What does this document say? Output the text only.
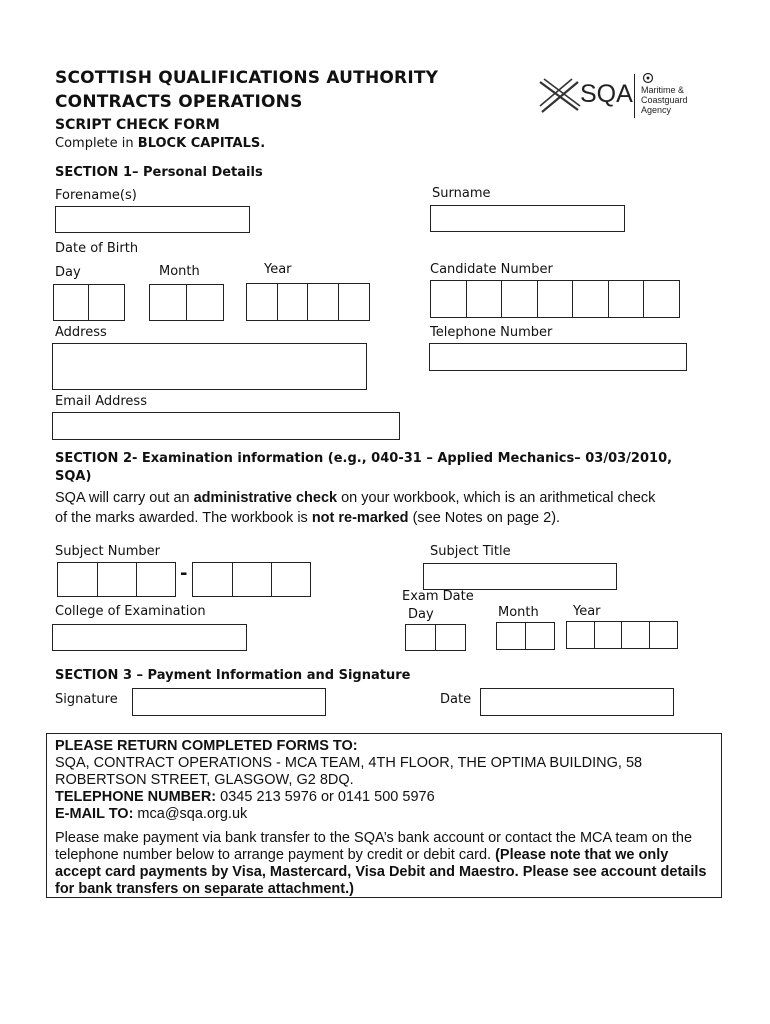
SCOTTISH QUALIFICATIONS AUTHORITY
CONTRACTS OPERATIONS
SCRIPT CHECK FORM
Complete in BLOCK CAPITALS.
SQA Maritime &
Coastguard
Agency
SECTION 1– Personal Details
Forename(s)	Surname
Date of Birth
Day	Month	Year	Candidate Number
Address	Telephone Number
Email Address
SECTION 2- Examination information (e.g., 040-31 – Applied Mechanics– 03/03/2010,
SQA)
SQA will carry out an administrative check on your workbook, which is an arithmetical check
of the marks awarded. The workbook is not re-marked (see Notes on page 2).
Subject Number
-
Subject Title
College of Examination
Exam Date
Day	Month	Year
SECTION 3 – Payment Information and Signature
Signature	Date

PLEASE RETURN COMPLETED FORMS TO:

SQA, CONTRACT OPERATIONS - MCA TEAM, 4TH FLOOR, THE OPTIMA BUILDING, 58
ROBERTSON STREET, GLASGOW, G2 8DQ.

TELEPHONE NUMBER: 0345 213 5976 or 0141 500 5976

E-MAIL TO: mca@sqa.org.uk

Please make payment via bank transfer to the SQA’s bank account or contact the MCA team on the telephone number below to arrange payment by credit or debit card. (Please note that we only accept card payments by Visa, Mastercard, Visa Debit and Maestro. Please see account details for bank transfers on separate attachment.)
